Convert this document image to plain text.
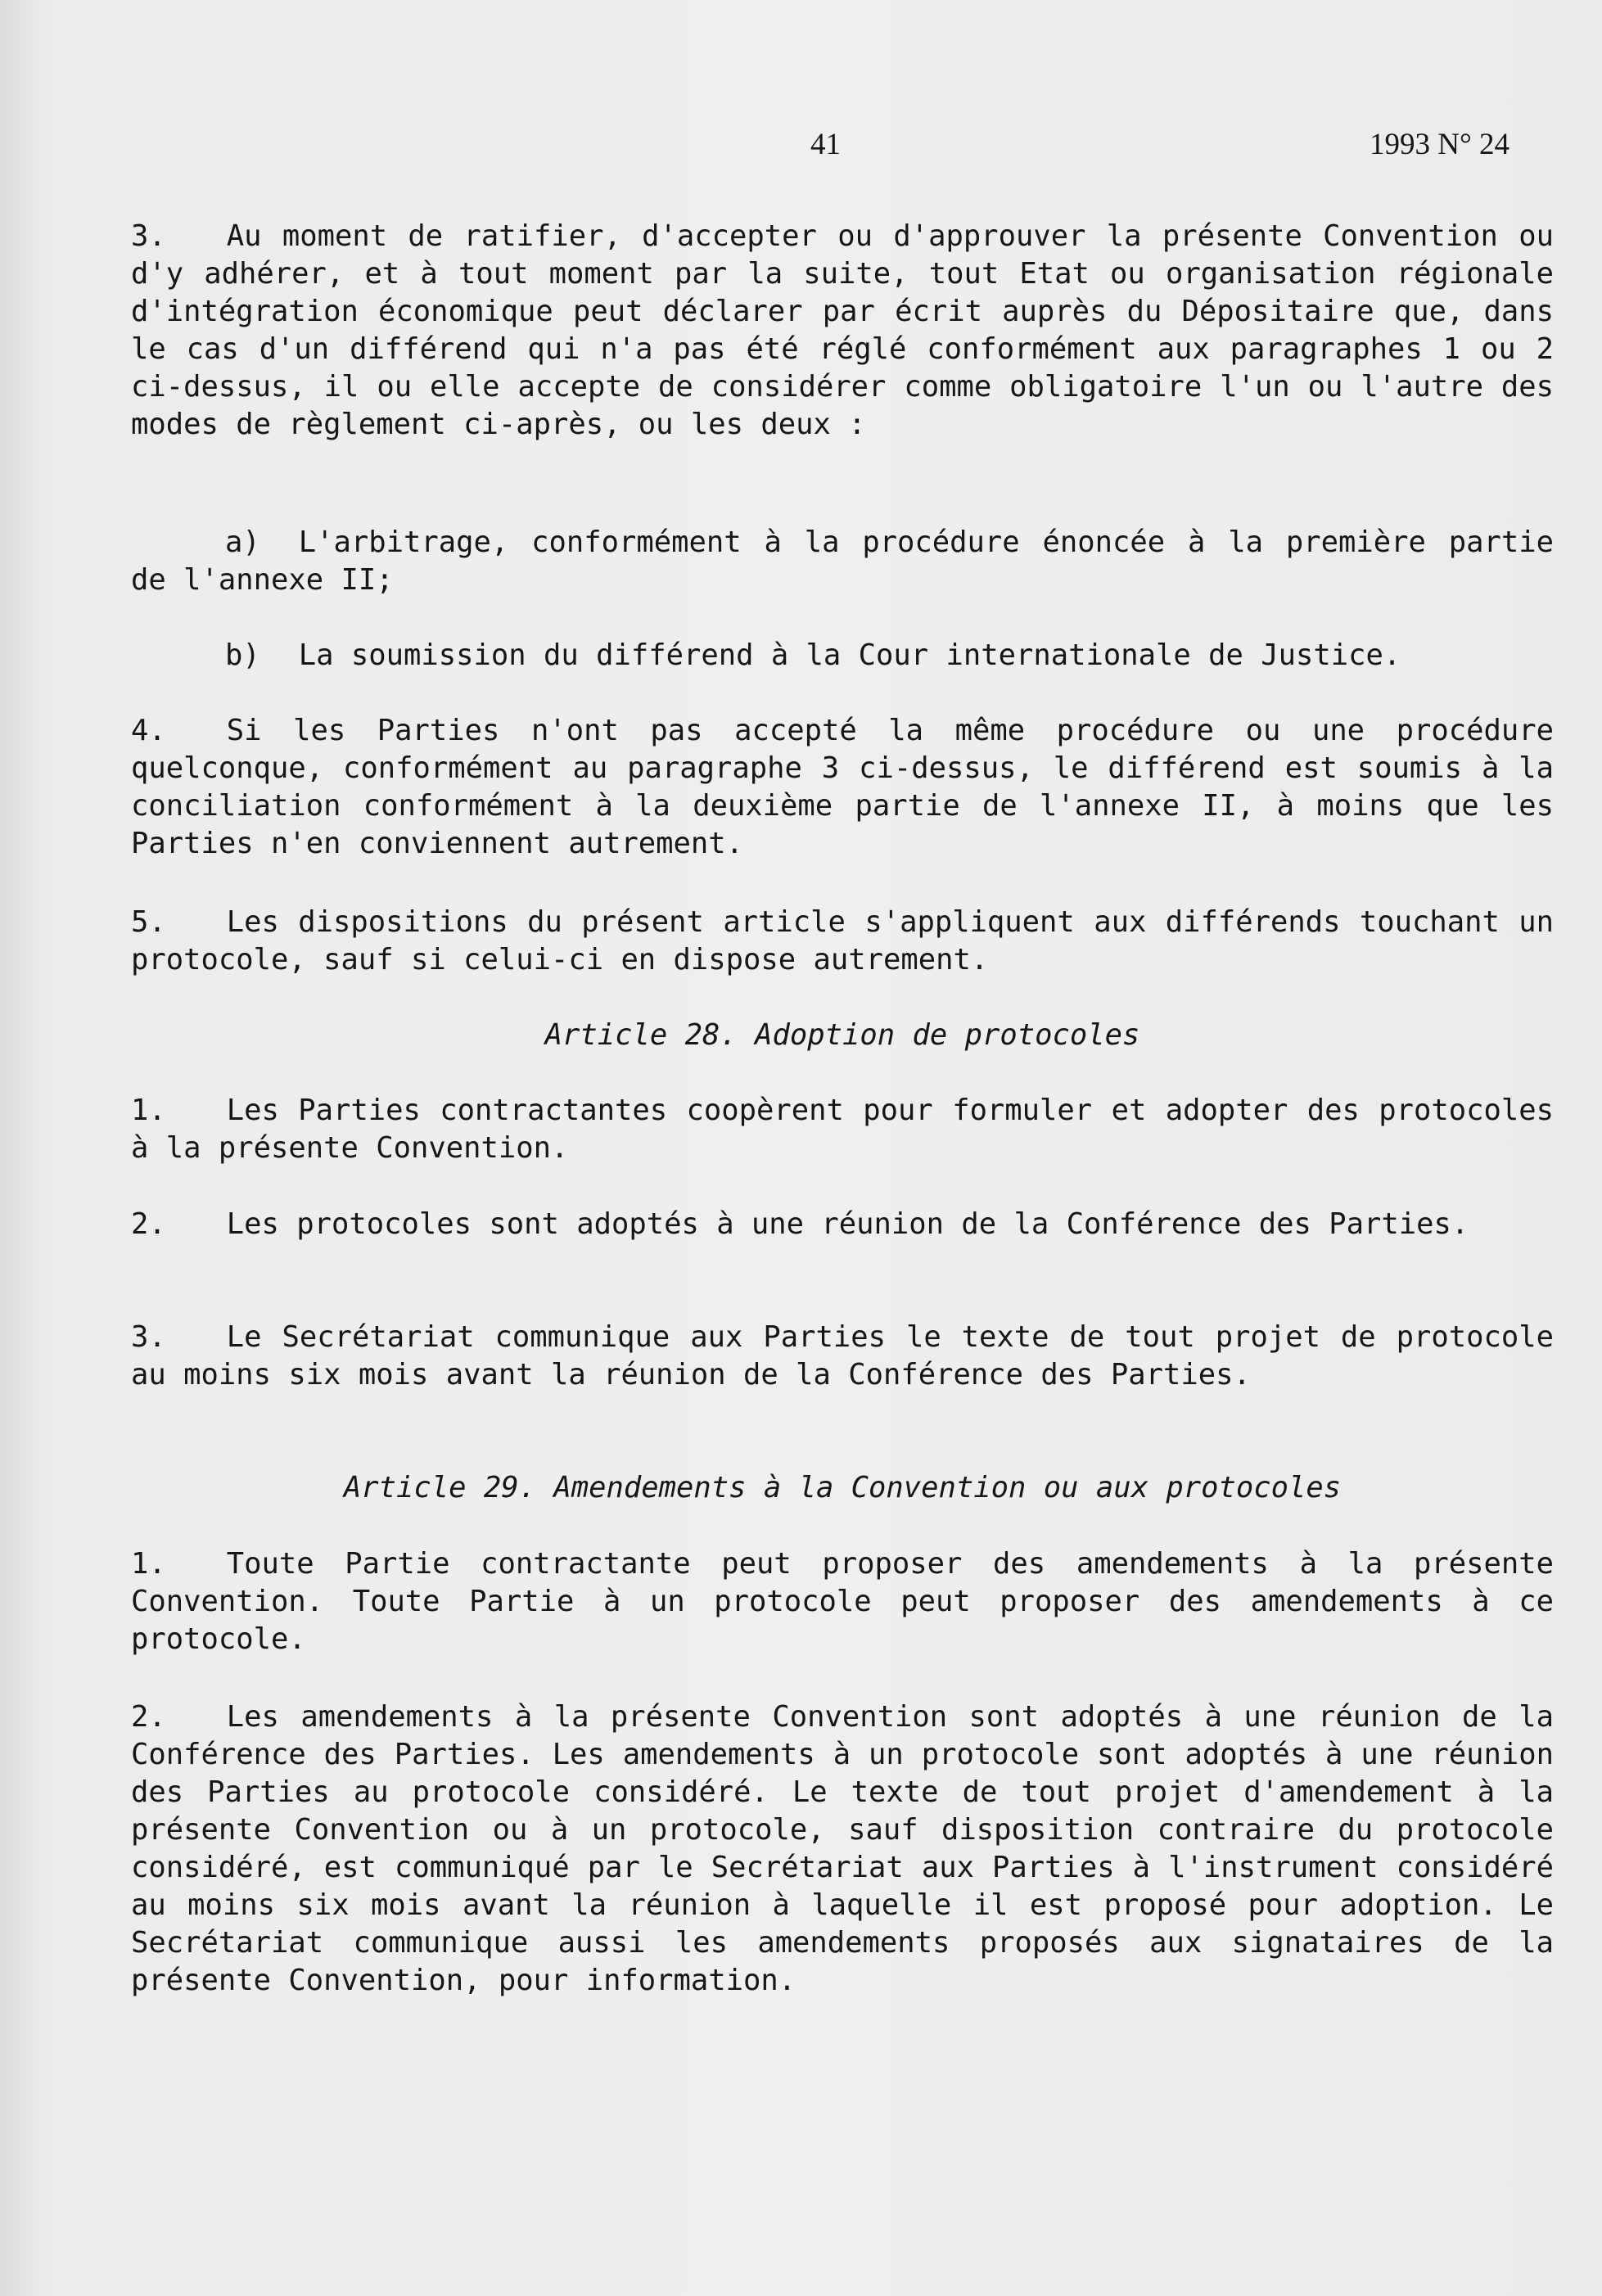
41	1993 N° 24

3. Au moment de ratifier, d'accepter ou d'approuver la présente Convention ou d'y adhérer, et à tout moment par la suite, tout Etat ou organisation régionale d'intégration économique peut déclarer par écrit auprès du Dépositaire que, dans le cas d'un différend qui n'a pas été réglé conformément aux paragraphes 1 ou 2 ci-dessus, il ou elle accepte de considérer comme obligatoire l'un ou l'autre des modes de règlement ci-après, ou les deux :

a) L'arbitrage, conformément à la procédure énoncée à la première partie de l'annexe II;

b) La soumission du différend à la Cour internationale de Justice.

4. Si les Parties n'ont pas accepté la même procédure ou une procédure quelconque, conformément au paragraphe 3 ci-dessus, le différend est soumis à la conciliation conformément à la deuxième partie de l'annexe II, à moins que les Parties n'en conviennent autrement.

5. Les dispositions du présent article s'appliquent aux différends touchant un protocole, sauf si celui-ci en dispose autrement.

Article 28. Adoption de protocoles

1. Les Parties contractantes coopèrent pour formuler et adopter des protocoles à la présente Convention.

2. Les protocoles sont adoptés à une réunion de la Conférence des Parties.

3. Le Secrétariat communique aux Parties le texte de tout projet de protocole au moins six mois avant la réunion de la Conférence des Parties.

Article 29. Amendements à la Convention ou aux protocoles

1. Toute Partie contractante peut proposer des amendements à la présente Convention. Toute Partie à un protocole peut proposer des amendements à ce protocole.

2. Les amendements à la présente Convention sont adoptés à une réunion de la Conférence des Parties. Les amendements à un protocole sont adoptés à une réunion des Parties au protocole considéré. Le texte de tout projet d'amendement à la présente Convention ou à un protocole, sauf disposition contraire du protocole considéré, est communiqué par le Secrétariat aux Parties à l'instrument considéré au moins six mois avant la réunion à laquelle il est proposé pour adoption. Le Secrétariat communique aussi les amendements proposés aux signataires de la présente Convention, pour information.
